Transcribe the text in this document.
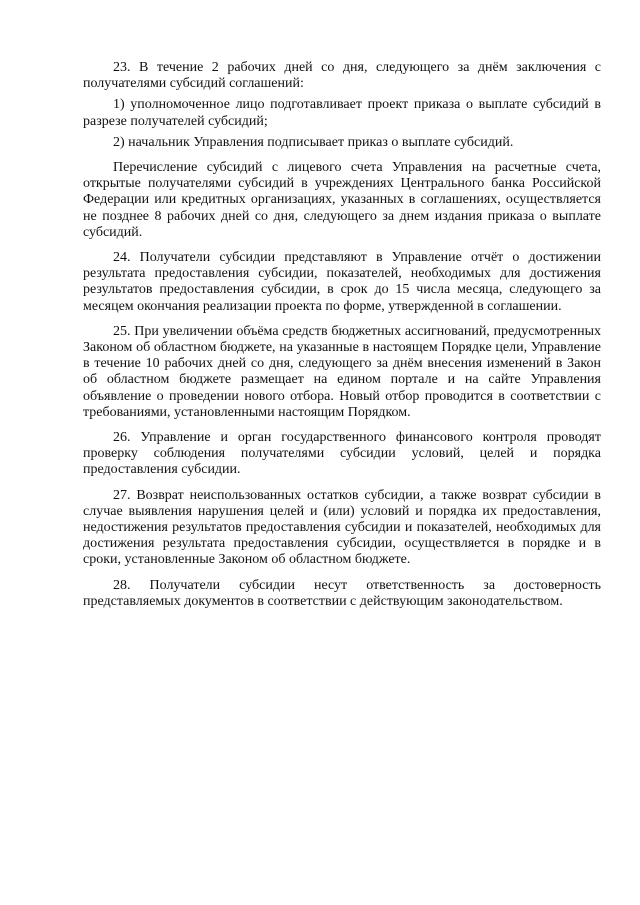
23. В течение 2 рабочих дней со дня, следующего за днём заключения с получателями субсидий соглашений:

1) уполномоченное лицо подготавливает проект приказа о выплате субсидий в разрезе получателей субсидий;

2) начальник Управления подписывает приказ о выплате субсидий.

Перечисление субсидий с лицевого счета Управления на расчетные счета, открытые получателями субсидий в учреждениях Центрального банка Российской Федерации или кредитных организациях, указанных в соглашениях, осуществляется не позднее 8 рабочих дней со дня, следующего за днем издания приказа о выплате субсидий.

24. Получатели субсидии представляют в Управление отчёт о достижении результата предоставления субсидии, показателей, необходимых для достижения результатов предоставления субсидии, в срок до 15 числа месяца, следующего за месяцем окончания реализации проекта по форме, утвержденной в соглашении.

25. При увеличении объёма средств бюджетных ассигнований, предусмотренных Законом об областном бюджете, на указанные в настоящем Порядке цели, Управление в течение 10 рабочих дней со дня, следующего за днём внесения изменений в Закон об областном бюджете размещает на едином портале и на сайте Управления объявление о проведении нового отбора. Новый отбор проводится в соответствии с требованиями, установленными настоящим Порядком.

26. Управление и орган государственного финансового контроля проводят проверку соблюдения получателями субсидии условий, целей и порядка предоставления субсидии.

27. Возврат неиспользованных остатков субсидии, а также возврат субсидии в случае выявления нарушения целей и (или) условий и порядка их предоставления, недостижения результатов предоставления субсидии и показателей, необходимых для достижения результата предоставления субсидии, осуществляется в порядке и в сроки, установленные Законом об областном бюджете.

28. Получатели субсидии несут ответственность за достоверность представляемых документов в соответствии с действующим законодательством.
